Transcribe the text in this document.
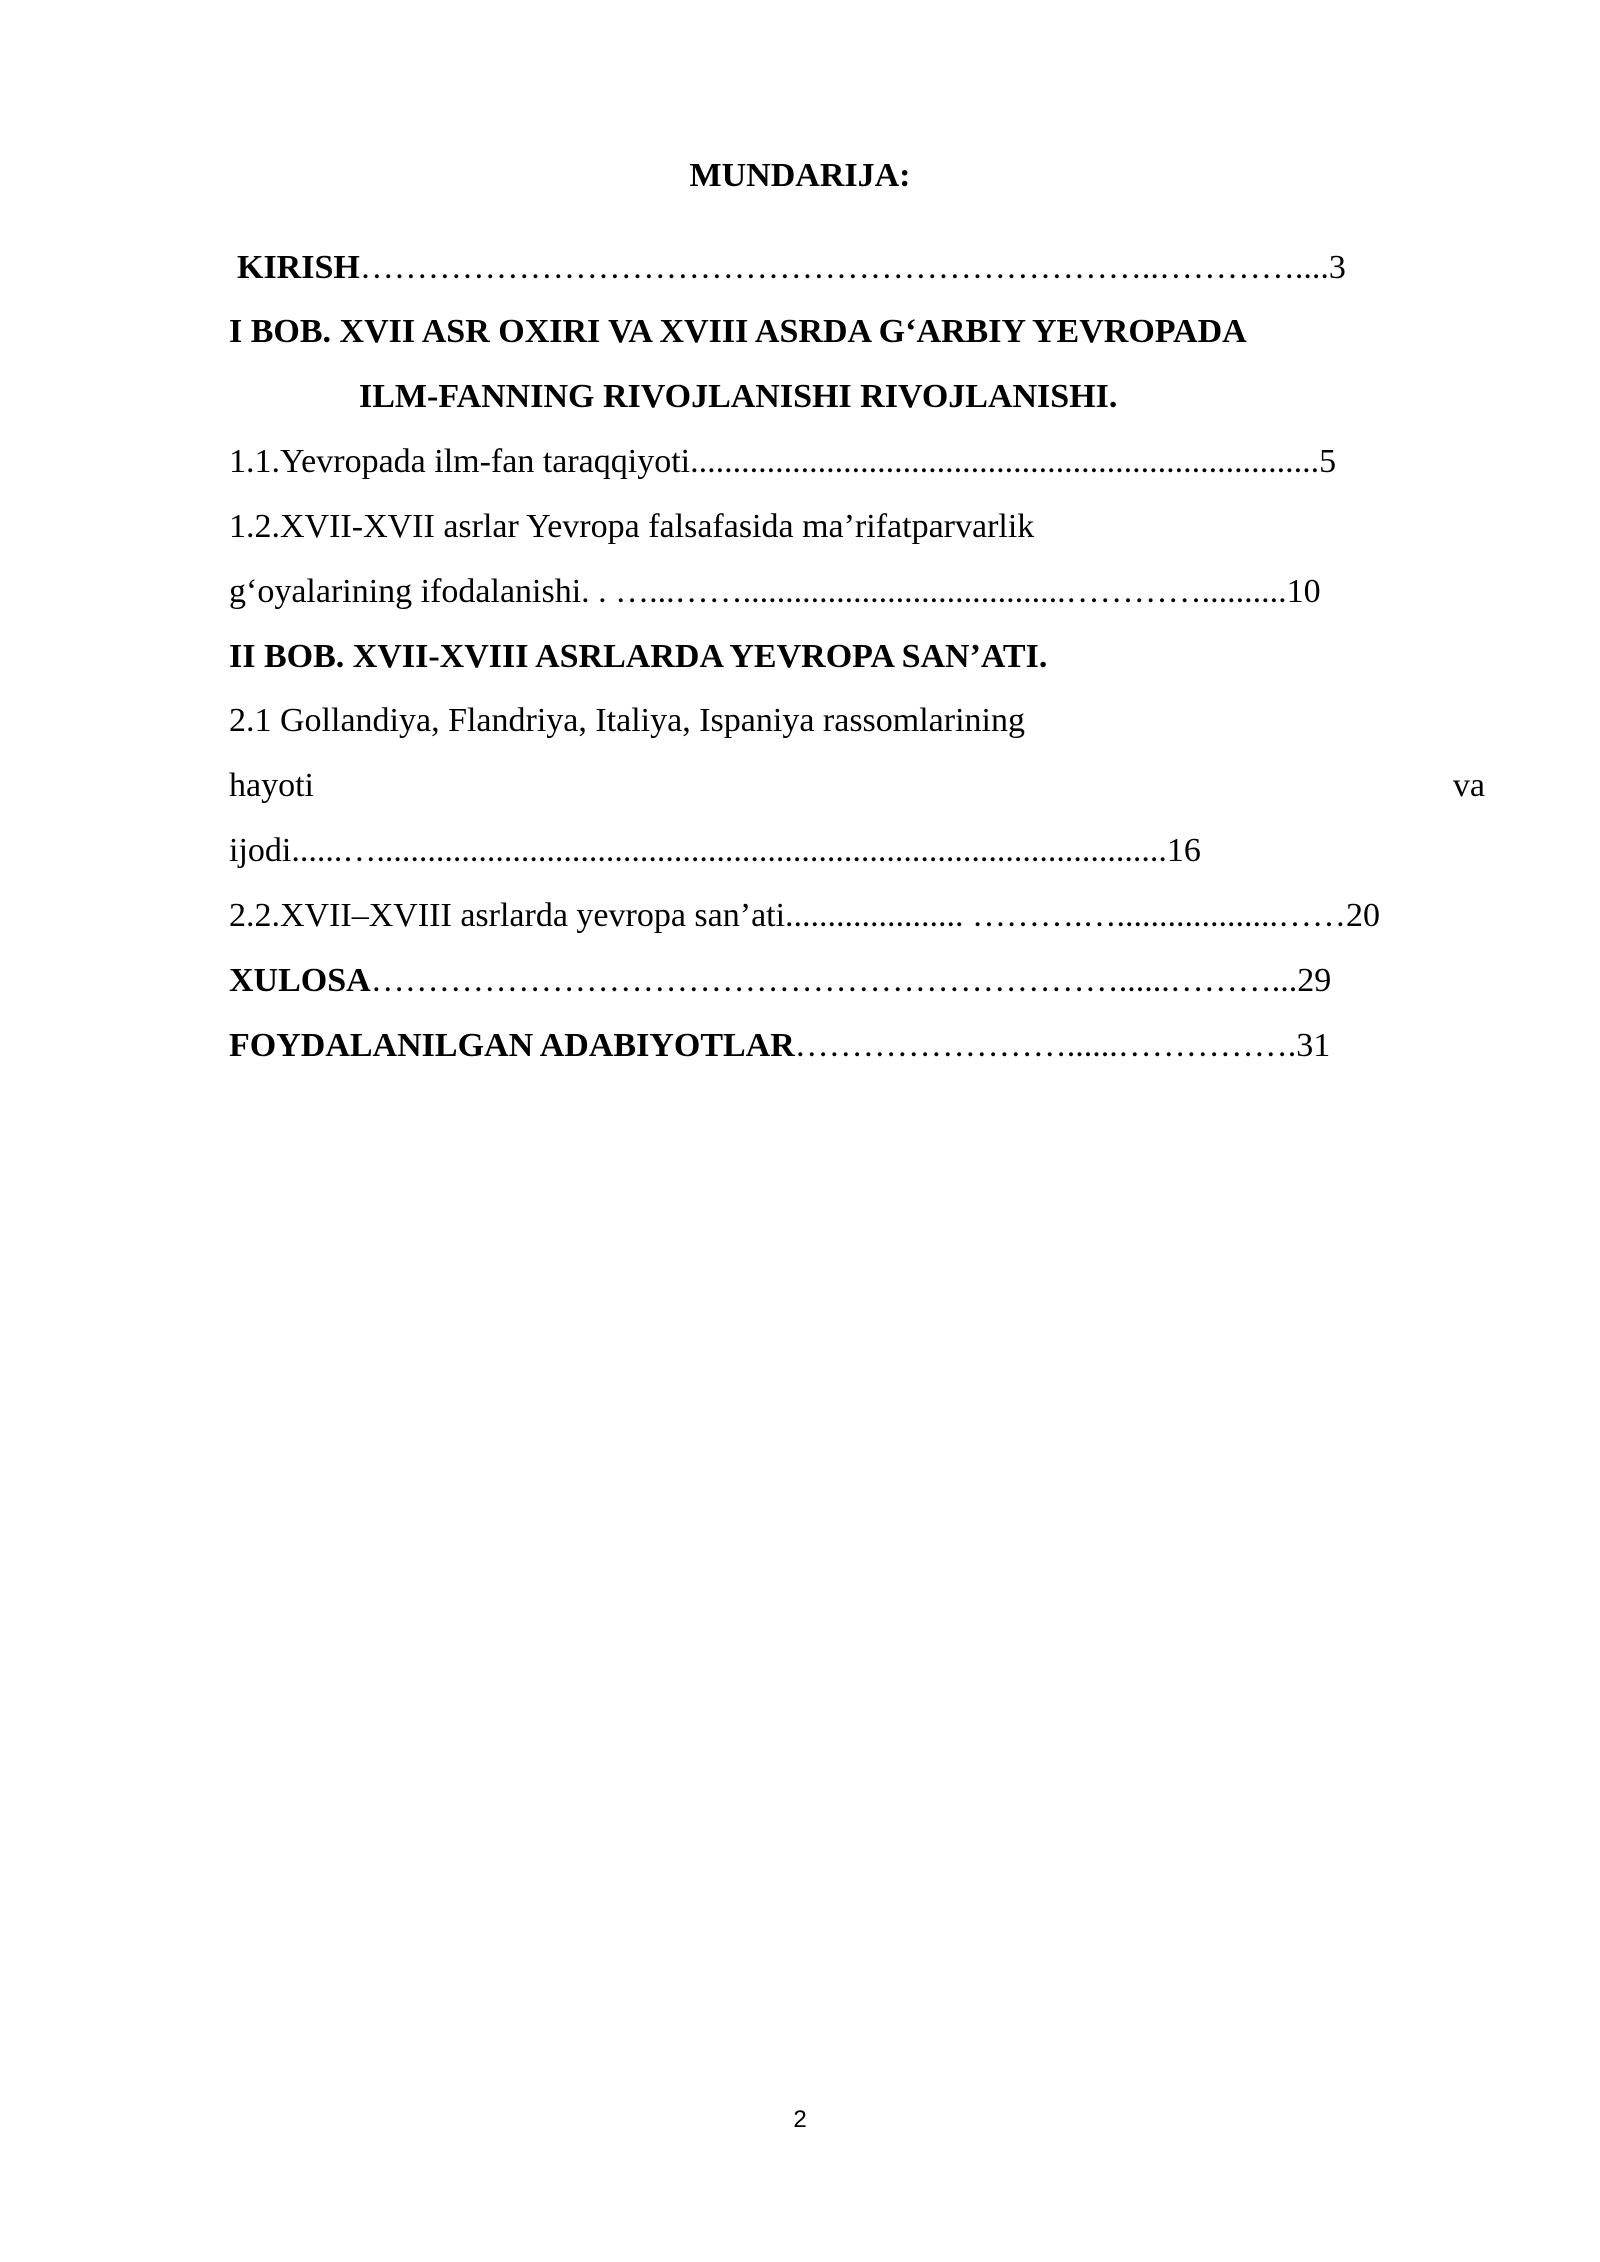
MUNDARIJA:
KIRISH……………………………………………………………..…………....3
I BOB. XVII ASR OXIRI VA XVIII ASRDA G‘ARBIY YEVROPADA
ILM-FANNING RIVOJLANISHI RIVOJLANISHI.
1.1.Yevropada ilm-fan taraqqiyoti..........................................................................5
1.2.XVII-XVII asrlar Yevropa falsafasida ma’rifatparvarlik
g‘oyalarining ifodalanishi. . …...……......................................…………..........10
II BOB. XVII-XVIII ASRLARDA YEVROPA SAN’ATI.
2.1 Gollandiya, Flandriya, Italiya, Ispaniya rassomlarining
hayoti	va
ijodi......….............................................................................................16
2.2.XVII–XVIII asrlarda yevropa san’ati..................... ……….…...................……20
XULOSA…………………………………………………………......………...29
FOYDALANILGAN ADABIYOTLAR……………………......…………….31
2
